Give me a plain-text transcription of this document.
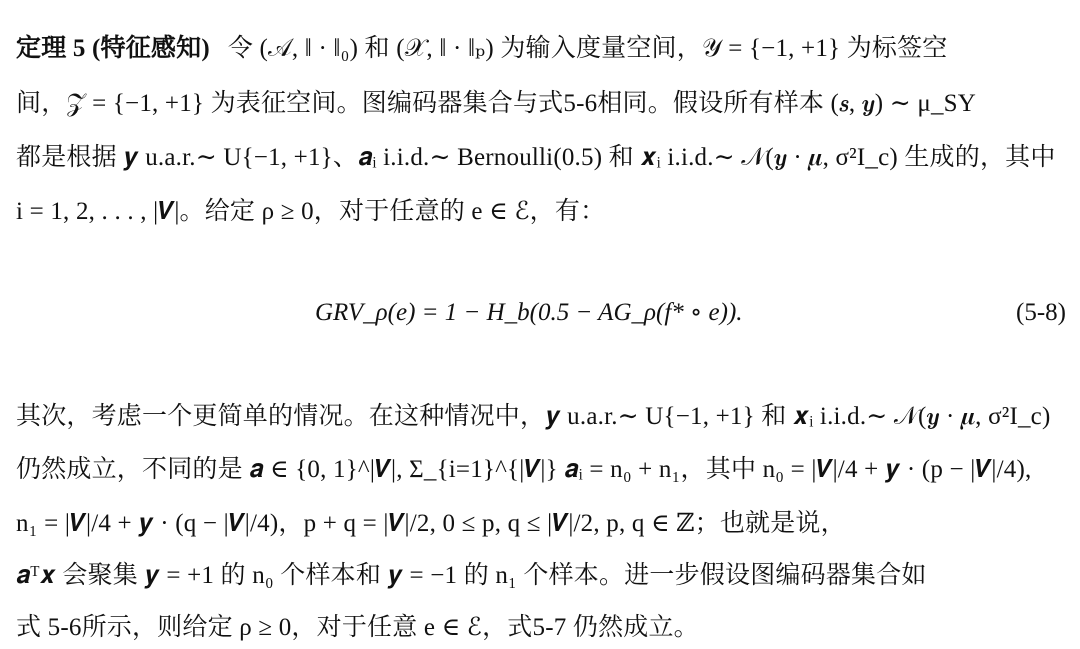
定理 5 (特征感知) 令 (𝒜, ‖ · ‖₀) 和 (𝒳, ‖ · ‖ₚ) 为输入度量空间，𝒴 = {−1, +1} 为标签空
间，𝒵 = {−1, +1} 为表征空间。图编码器集合与式5-6相同。假设所有样本 (𝒔, 𝒚) ∼ μ_SY
都是根据 𝒚 u.a.r.∼ U{−1, +1}、𝒂ᵢ i.i.d.∼ Bernoulli(0.5) 和 𝒙ᵢ i.i.d.∼ 𝒩(𝒚 · 𝝁, σ²I_c) 生成的，其中
i = 1, 2, . . . , |𝑽|。给定 ρ ≥ 0，对于任意的 e ∈ ℰ，有：
GRV_ρ(e) = 1 − H_b(0.5 − AG_ρ(f* ∘ e)).	(5-8)
其次，考虑一个更简单的情况。在这种情况中，𝒚 u.a.r.∼ U{−1, +1} 和 𝒙ᵢ i.i.d.∼ 𝒩(𝒚 · 𝝁, σ²I_c)
仍然成立，不同的是 𝒂 ∈ {0, 1}^|𝑽|, Σ_{i=1}^{|𝑽|} 𝒂ᵢ = n₀ + n₁，其中 n₀ = |𝑽|/4 + 𝒚 · (p − |𝑽|/4),
n₁ = |𝑽|/4 + 𝒚 · (q − |𝑽|/4)，p + q = |𝑽|/2, 0 ≤ p, q ≤ |𝑽|/2, p, q ∈ ℤ；也就是说，
𝒂ᵀ𝒙 会聚集 𝒚 = +1 的 n₀ 个样本和 𝒚 = −1 的 n₁ 个样本。进一步假设图编码器集合如
式 5-6所示，则给定 ρ ≥ 0，对于任意 e ∈ ℰ，式5-7 仍然成立。
